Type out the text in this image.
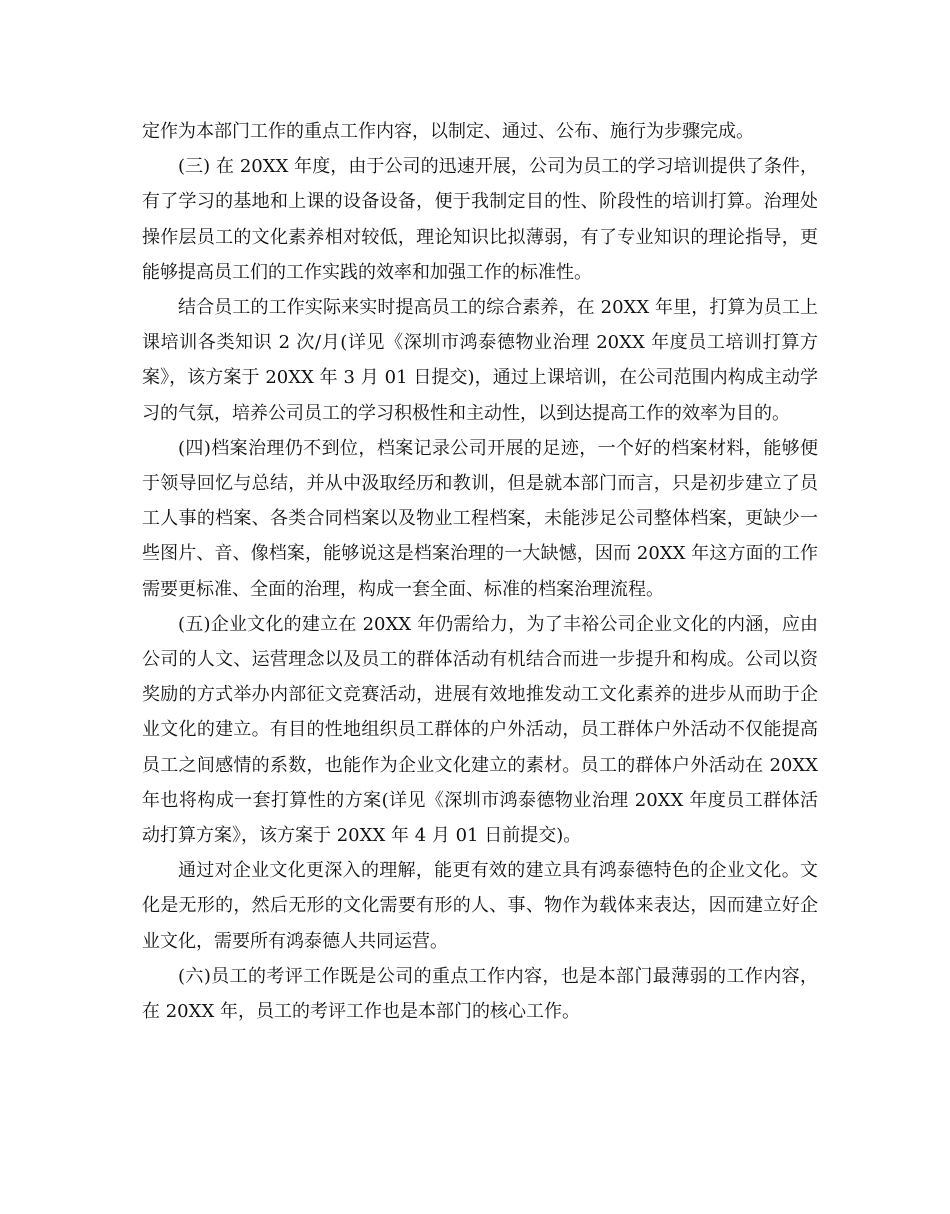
定作为本部门工作的重点工作内容，以制定、通过、公布、施行为步骤完成。

(三) 在 20XX 年度，由于公司的迅速开展，公司为员工的学习培训提供了条件，有了学习的基地和上课的设备设备，便于我制定目的性、阶段性的培训打算。治理处操作层员工的文化素养相对较低，理论知识比拟薄弱，有了专业知识的理论指导，更能够提高员工们的工作实践的效率和加强工作的标准性。

结合员工的工作实际来实时提高员工的综合素养，在 20XX 年里，打算为员工上课培训各类知识 2 次/月(详见《深圳市鸿泰德物业治理 20XX 年度员工培训打算方案》，该方案于 20XX 年 3 月 01 日提交)，通过上课培训，在公司范围内构成主动学习的气氛，培养公司员工的学习积极性和主动性，以到达提高工作的效率为目的。

(四)档案治理仍不到位，档案记录公司开展的足迹，一个好的档案材料，能够便于领导回忆与总结，并从中汲取经历和教训，但是就本部门而言，只是初步建立了员工人事的档案、各类合同档案以及物业工程档案，未能涉足公司整体档案，更缺少一些图片、音、像档案，能够说这是档案治理的一大缺憾，因而 20XX 年这方面的工作需要更标准、全面的治理，构成一套全面、标准的档案治理流程。

(五)企业文化的建立在 20XX 年仍需给力，为了丰裕公司企业文化的内涵，应由公司的人文、运营理念以及员工的群体活动有机结合而进一步提升和构成。公司以资奖励的方式举办内部征文竞赛活动，进展有效地推发动工文化素养的进步从而助于企业文化的建立。有目的性地组织员工群体的户外活动，员工群体户外活动不仅能提高员工之间感情的系数，也能作为企业文化建立的素材。员工的群体户外活动在 20XX 年也将构成一套打算性的方案(详见《深圳市鸿泰德物业治理 20XX 年度员工群体活动打算方案》，该方案于 20XX 年 4 月 01 日前提交)。

通过对企业文化更深入的理解，能更有效的建立具有鸿泰德特色的企业文化。文化是无形的，然后无形的文化需要有形的人、事、物作为载体来表达，因而建立好企业文化，需要所有鸿泰德人共同运营。

(六)员工的考评工作既是公司的重点工作内容，也是本部门最薄弱的工作内容，在 20XX 年，员工的考评工作也是本部门的核心工作。
